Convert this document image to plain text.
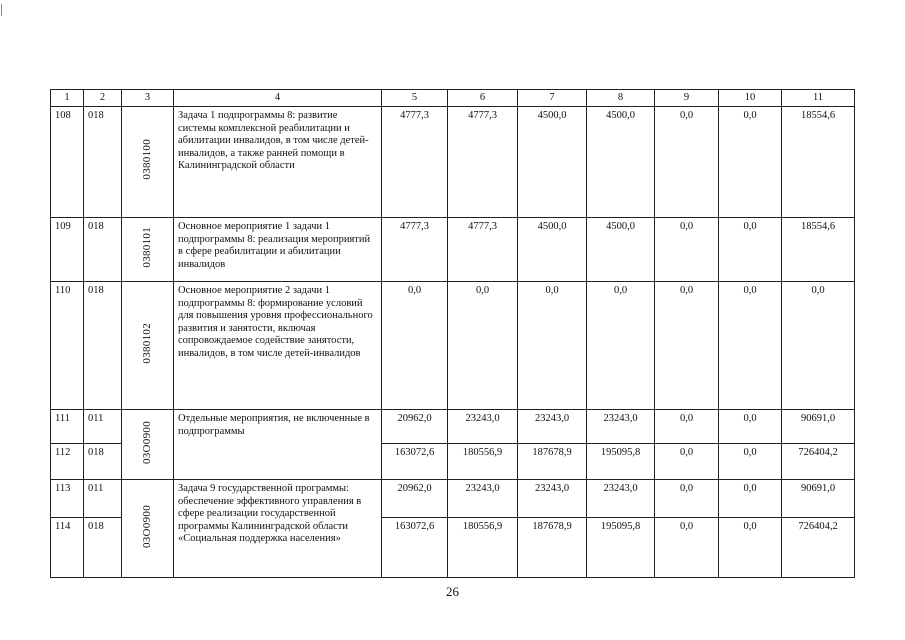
1	2	3	4	5	6	7	8	9	10	11
108	018	0380100	Задача 1 подпрограммы 8: развитие системы комплексной реабилитации и абилитации инвалидов, в том числе детей-инвалидов, а также ранней помощи в Калининградской области	4777,3	4777,3	4500,0	4500,0	0,0	0,0	18554,6
109	018	0380101	Основное мероприятие 1 задачи 1 подпрограммы 8: реализация мероприятий в сфере реабилитации и абилитации инвалидов	4777,3	4777,3	4500,0	4500,0	0,0	0,0	18554,6
110	018	0380102	Основное мероприятие 2 задачи 1 подпрограммы 8: формирование условий для повышения уровня профессионального развития и занятости, включая сопровождаемое содействие занятости, инвалидов, в том числе детей-инвалидов	0,0	0,0	0,0	0,0	0,0	0,0	0,0
111	011	03О0900	Отдельные мероприятия, не включенные в подпрограммы	20962,0	23243,0	23243,0	23243,0	0,0	0,0	90691,0
112	018			163072,6	180556,9	187678,9	195095,8	0,0	0,0	726404,2
113	011	03О0900	Задача 9 государственной программы: обеспечение эффективного управления в сфере реализации государственной программы Калининградской области «Социальная поддержка населения»	20962,0	23243,0	23243,0	23243,0	0,0	0,0	90691,0
114	018			163072,6	180556,9	187678,9	195095,8	0,0	0,0	726404,2
26
